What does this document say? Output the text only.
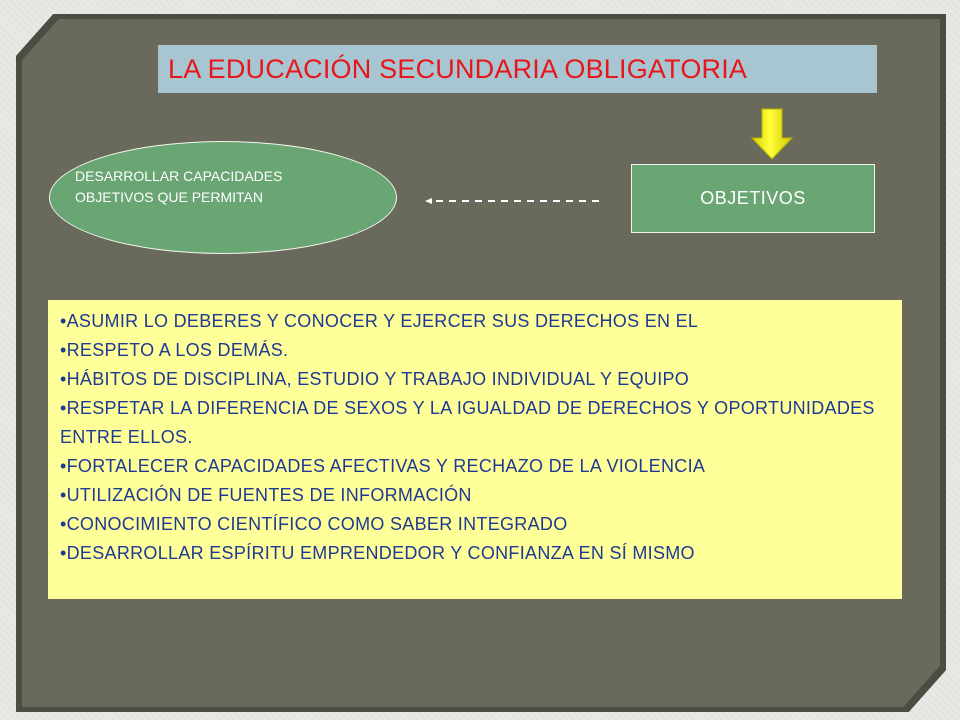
LA EDUCACIÓN SECUNDARIA OBLIGATORIA
OBJETIVOS
DESARROLLAR CAPACIDADES
OBJETIVOS QUE PERMITAN
• ASUMIR LO DEBERES Y CONOCER Y EJERCER SUS DERECHOS EN EL
• RESPETO A LOS DEMÁS.
• HÁBITOS DE DISCIPLINA, ESTUDIO Y TRABAJO INDIVIDUAL Y EQUIPO
• RESPETAR LA DIFERENCIA DE SEXOS Y LA IGUALDAD DE DERECHOS Y OPORTUNIDADES ENTRE ELLOS.
• FORTALECER CAPACIDADES AFECTIVAS Y RECHAZO DE LA VIOLENCIA
• UTILIZACIÓN DE FUENTES DE INFORMACIÓN
• CONOCIMIENTO CIENTÍFICO COMO SABER INTEGRADO
• DESARROLLAR ESPÍRITU EMPRENDEDOR Y CONFIANZA EN SÍ MISMO
